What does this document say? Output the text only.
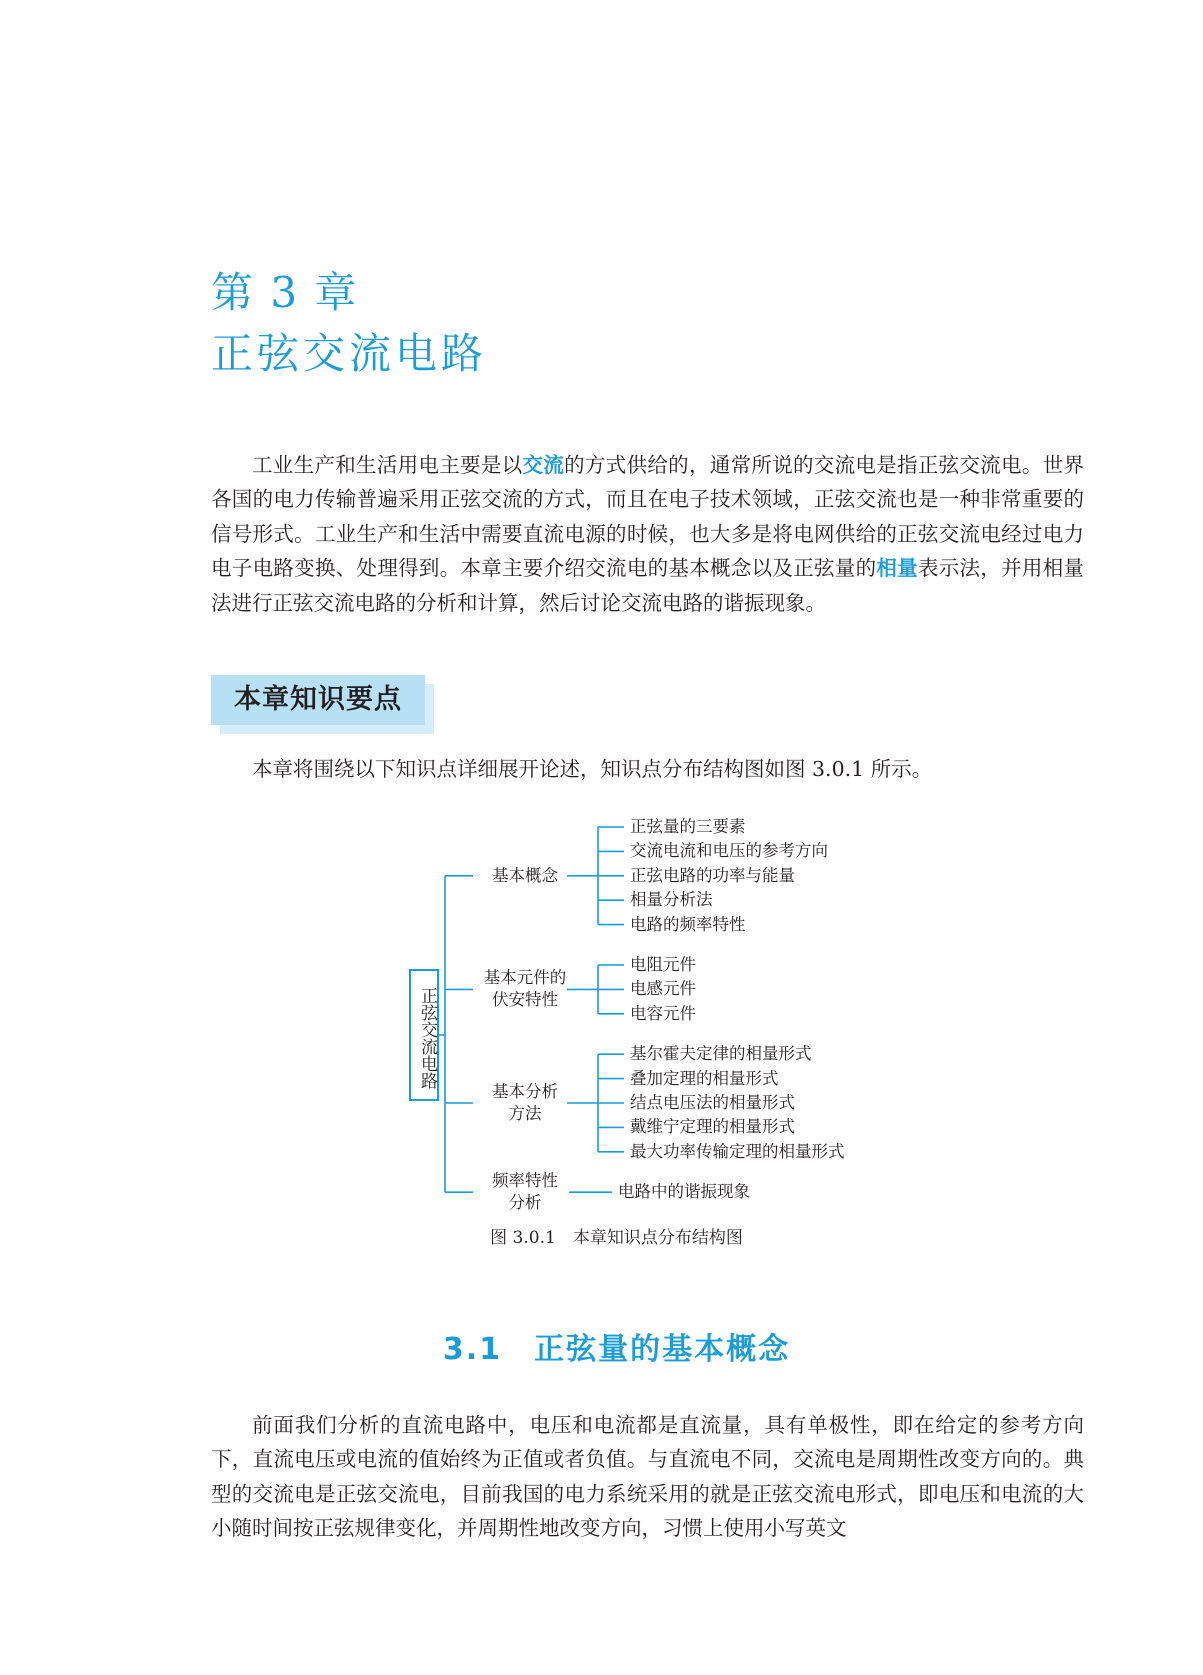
第 3 章
正弦交流电路

工业生产和生活用电主要是以交流的方式供给的，通常所说的交流电是指正弦交流电。世界各国的电力传输普遍采用正弦交流的方式，而且在电子技术领域，正弦交流也是一种非常重要的信号形式。工业生产和生活中需要直流电源的时候，也大多是将电网供给的正弦交流电经过电力电子电路变换、处理得到。本章主要介绍交流电的基本概念以及正弦量的相量表示法，并用相量法进行正弦交流电路的分析和计算，然后讨论交流电路的谐振现象。

本章知识要点

本章将围绕以下知识点详细展开论述，知识点分布结构图如图 3.0.1 所示。

正弦交流电路
基本概念
正弦量的三要素
交流电流和电压的参考方向
正弦电路的功率与能量
相量分析法
电路的频率特性
基本元件的
伏安特性
电阻元件
电感元件
电容元件
基本分析
方法
基尔霍夫定律的相量形式
叠加定理的相量形式
结点电压法的相量形式
戴维宁定理的相量形式
最大功率传输定理的相量形式
频率特性
分析
电路中的谐振现象
图 3.0.1　本章知识点分布结构图
3.1　正弦量的基本概念

前面我们分析的直流电路中，电压和电流都是直流量，具有单极性，即在给定的参考方向下，直流电压或电流的值始终为正值或者负值。与直流电不同，交流电是周期性改变方向的。典型的交流电是正弦交流电，目前我国的电力系统采用的就是正弦交流电形式，即电压和电流的大小随时间按正弦规律变化，并周期性地改变方向，习惯上使用小写英文
